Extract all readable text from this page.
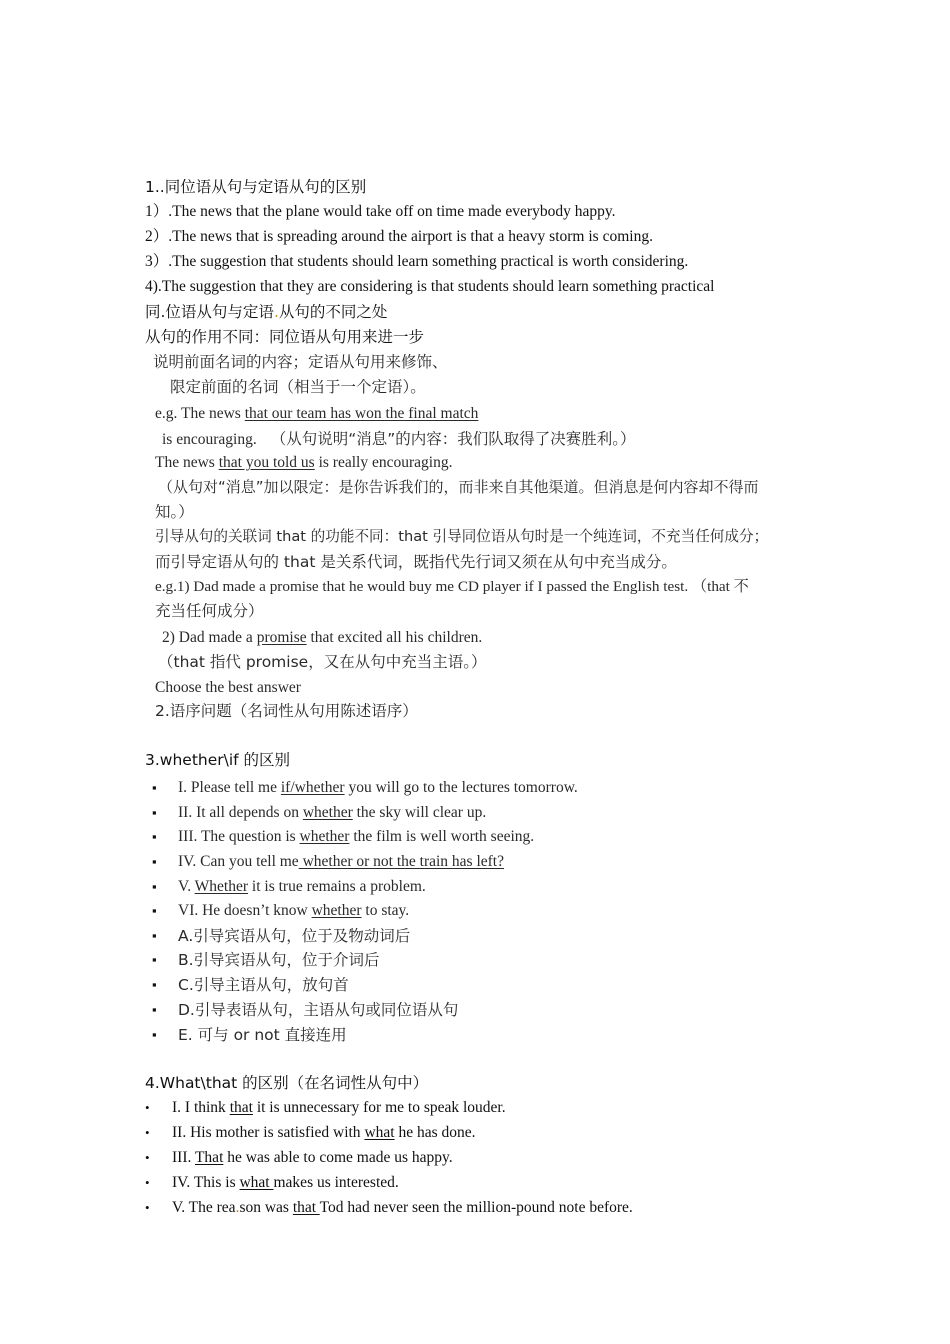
1..同位语从句与定语从句的区别
1）.The news that the plane would take off on time made everybody happy.
2）.The news that is spreading around the airport is that a heavy storm is coming.
3）.The suggestion that students should learn something practical is worth considering.
4).The suggestion that they are considering is that students should learn something practical
同.位语从句与定语.从句的不同之处
从句的作用不同：同位语从句用来进一步
说明前面名词的内容；定语从句用来修饰、
限定前面的名词（相当于一个定语）。
e.g. The news that our team has won the final match
is encouraging. （从句说明“消息”的内容：我们队取得了决赛胜利。）
The news that you told us is really encouraging.
（从句对“消息”加以限定：是你告诉我们的，而非来自其他渠道。但消息是何内容却不得而
知。）
引导从句的关联词 that 的功能不同：that 引导同位语从句时是一个纯连词，不充当任何成分；
而引导定语从句的 that 是关系代词，既指代先行词又须在从句中充当成分。
e.g.1) Dad made a promise that he would buy me CD player if I passed the English test. （that 不
充当任何成分）
2) Dad made a promise that excited all his children.
（that 指代 promise，又在从句中充当主语。）
Choose the best answer
2.语序问题（名词性从句用陈述语序）
3.whether\if 的区别
▪ I. Please tell me if/whether you will go to the lectures tomorrow.
▪ II. It all depends on whether the sky will clear up.
▪ III. The question is whether the film is well worth seeing.
▪ IV. Can you tell me whether or not the train has left?
▪ V. Whether it is true remains a problem.
▪ VI. He doesn’t know whether to stay.
▪ A.引导宾语从句，位于及物动词后
▪ B.引导宾语从句，位于介词后
▪ C.引导主语从句，放句首
▪ D.引导表语从句，主语从句或同位语从句
▪ E. 可与 or not 直接连用
4.What\that 的区别（在名词性从句中）
• I. I think that it is unnecessary for me to speak louder.
• II. His mother is satisfied with what he has done.
• III. That he was able to come made us happy.
• IV. This is what makes us interested.
• V. The rea.son was that Tod had never seen the million-pound note before.
